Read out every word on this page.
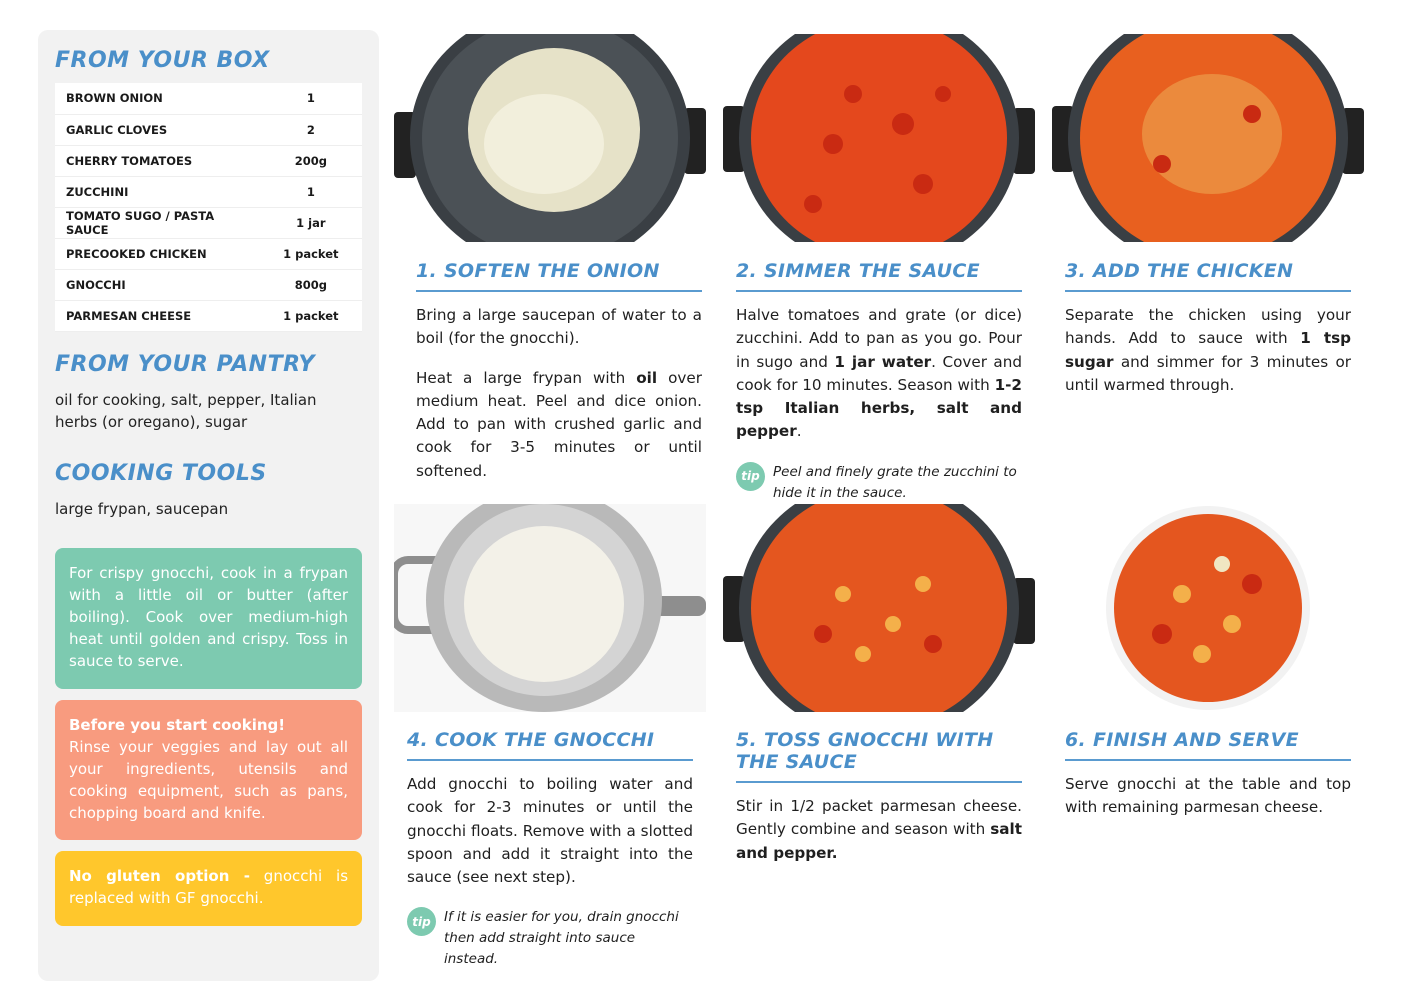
FROM YOUR BOX
BROWN ONION	1
GARLIC CLOVES	2
CHERRY TOMATOES	200g
ZUCCHINI	1
TOMATO SUGO / PASTA SAUCE	1 jar
PRECOOKED CHICKEN	1 packet
GNOCCHI	800g
PARMESAN CHEESE	1 packet
FROM YOUR PANTRY

oil for cooking, salt, pepper, Italian herbs (or oregano), sugar

COOKING TOOLS

large frypan, saucepan

For crispy gnocchi, cook in a frypan with a little oil or butter (after boiling). Cook over medium-high heat until golden and crispy. Toss in sauce to serve.
Before you start cooking!
Rinse your veggies and lay out all your ingredients, utensils and cooking equipment, such as pans, chopping board and knife.
No gluten option - gnocchi is replaced with GF gnocchi.
1. SOFTEN THE ONION

Bring a large saucepan of water to a boil (for the gnocchi).

Heat a large frypan with oil over medium heat. Peel and dice onion. Add to pan with crushed garlic and cook for 3-5 minutes or until softened.

2. SIMMER THE SAUCE

Halve tomatoes and grate (or dice) zucchini. Add to pan as you go. Pour in sugo and 1 jar water. Cover and cook for 10 minutes. Season with 1-2 tsp Italian herbs, salt and pepper.

tip Peel and finely grate the zucchini to hide it in the sauce.
3. ADD THE CHICKEN

Separate the chicken using your hands. Add to sauce with 1 tsp sugar and simmer for 3 minutes or until warmed through.

4. COOK THE GNOCCHI

Add gnocchi to boiling water and cook for 2-3 minutes or until the gnocchi floats. Remove with a slotted spoon and add it straight into the sauce (see next step).

tip If it is easier for you, drain gnocchi then add straight into sauce instead.
5. TOSS GNOCCHI WITH THE SAUCE

Stir in 1/2 packet parmesan cheese. Gently combine and season with salt and pepper.

6. FINISH AND SERVE

Serve gnocchi at the table and top with remaining parmesan cheese.
